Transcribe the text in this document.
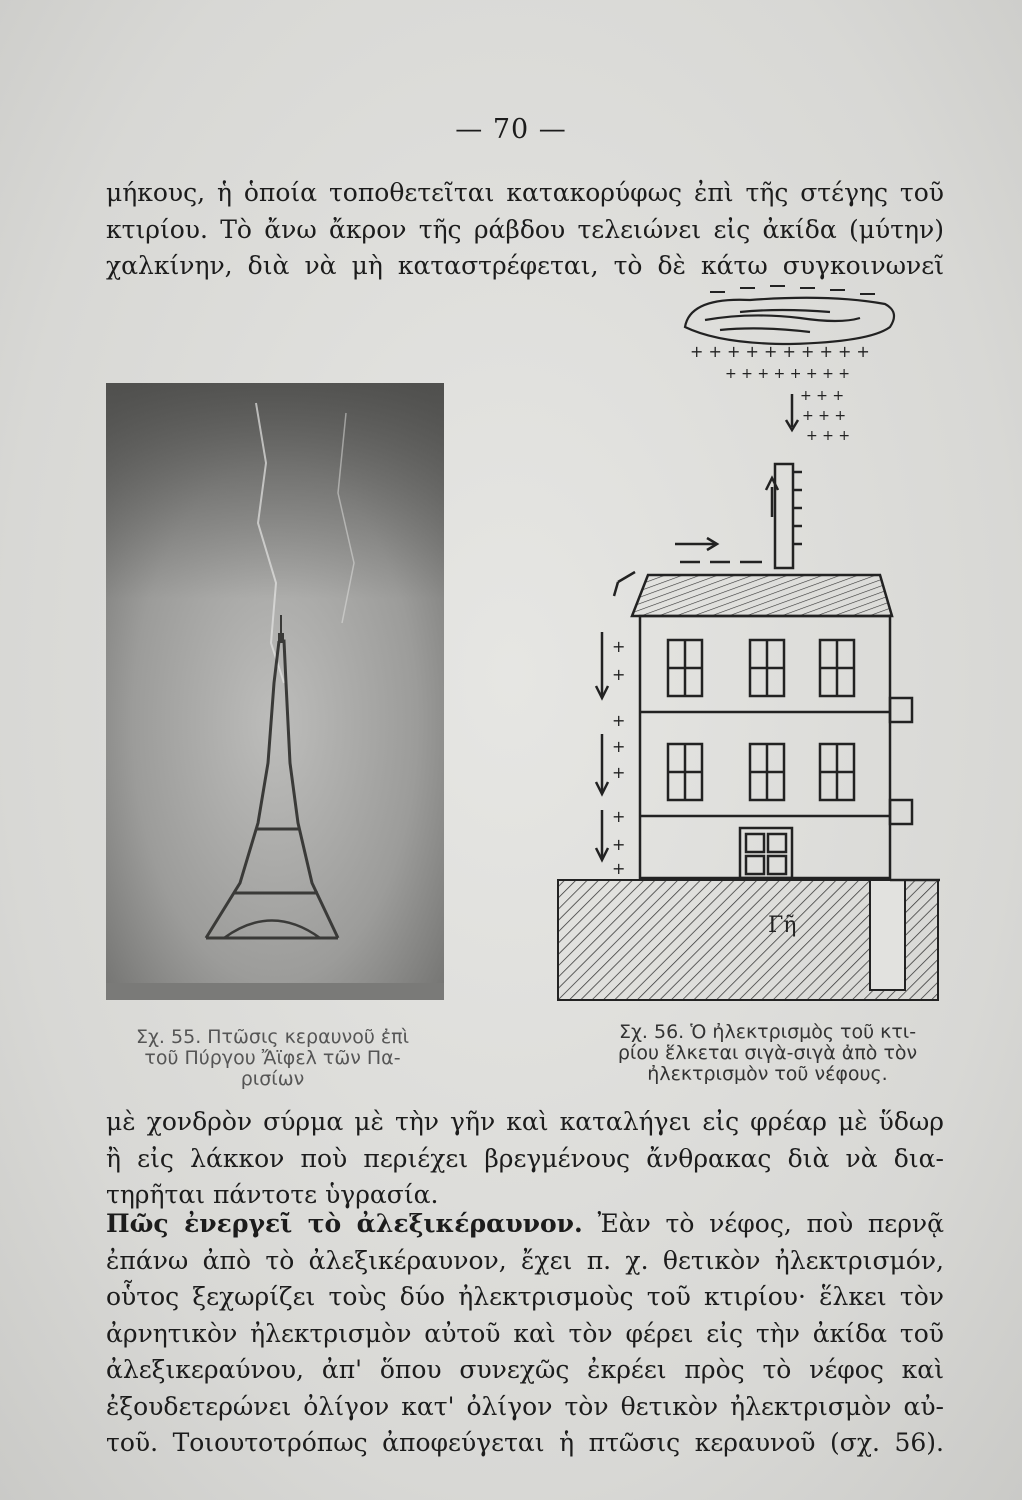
— 70 —
μήκους, ἡ ὁποία τοποθετεῖται κατακορύφως ἐπὶ τῆς στέγης τοῦ
κτιρίου. Τὸ ἄνω ἄκρον τῆς ράβδου τελειώνει εἰς ἀκίδα (μύτην)
χαλκίνην, διὰ νὰ μὴ καταστρέφεται, τὸ δὲ κάτω συγκοινωνεῖ
Σχ. 55. Πτῶσις κεραυνοῦ ἐπὶ
τοῦ Πύργου Ἄϊφελ τῶν Πα-
ρισίων
+ + + + + + + + + +
+ + + + + + + +
+ + +
+ + +
+ + +
+
+
+
+
+
+
+
+
Γῆ
Σχ. 56. Ὁ ἠλεκτρισμὸς τοῦ κτι-
ρίου ἕλκεται σιγὰ-σιγὰ ἀπὸ τὸν
ἠλεκτρισμὸν τοῦ νέφους.
μὲ χονδρὸν σύρμα μὲ τὴν γῆν καὶ καταλήγει εἰς φρέαρ μὲ ὕδωρ
ἢ εἰς λάκκον ποὺ περιέχει βρεγμένους ἄνθρακας διὰ νὰ δια-
τηρῆται πάντοτε ὑγρασία.
Πῶς ἐνεργεῖ τὸ ἀλεξικέραυνον. Ἐὰν τὸ νέφος, ποὺ περνᾷ
ἐπάνω ἀπὸ τὸ ἀλεξικέραυνον, ἔχει π. χ. θετικὸν ἠλεκτρισμόν,
οὗτος ξεχωρίζει τοὺς δύο ἠλεκτρισμοὺς τοῦ κτιρίου· ἕλκει τὸν
ἀρνητικὸν ἠλεκτρισμὸν αὐτοῦ καὶ τὸν φέρει εἰς τὴν ἀκίδα τοῦ
ἀλεξικεραύνου, ἀπ' ὅπου συνεχῶς ἐκρέει πρὸς τὸ νέφος καὶ
ἐξουδετερώνει ὀλίγον κατ' ὀλίγον τὸν θετικὸν ἠλεκτρισμὸν αὐ-
τοῦ. Τοιουτοτρόπως ἀποφεύγεται ἡ πτῶσις κεραυνοῦ (σχ. 56).
